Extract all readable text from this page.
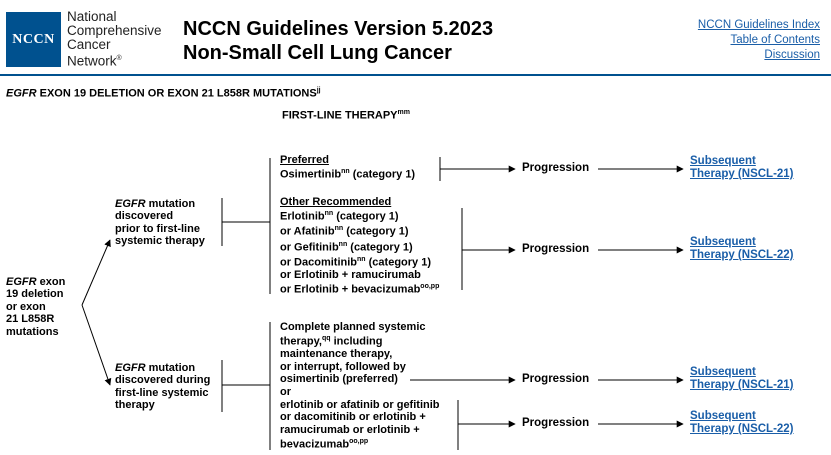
NCCN
National
Comprehensive
Cancer
Network®
NCCN Guidelines Version 5.2023
Non-Small Cell Lung Cancer
NCCN Guidelines Index
Table of Contents
Discussion
EGFR EXON 19 DELETION OR EXON 21 L858R $MUTATIONS^{jj}$
FIRST-LINE $THERAPY^{mm}$
EGFR exon
19 deletion
or exon
21 L858R
mutations
EGFR mutation
discovered
prior to first-line
systemic therapy
EGFR mutation
discovered during
first-line systemic
therapy
Preferred
Osimertinib$^{nn}$ (category 1)
Other Recommended
Erlotinib$^{nn}$ (category 1)
or Afatinib$^{nn}$ (category 1)
or Gefitinib$^{nn}$ (category 1)
or Dacomitinib$^{nn}$ (category 1)
or Erlotinib + ramucirumab
or Erlotinib + bevacizumab$^{oo,pp}$
Complete planned systemic
therapy,$^{qq}$ including
maintenance therapy,
or interrupt, followed by
osimertinib (preferred)
or
erlotinib or afatinib or gefitinib
or dacomitinib or erlotinib +
ramucirumab or erlotinib +
bevacizumab$^{oo,pp}$
Progression
Progression
Progression
Progression
Subsequent
Therapy (NSCL-21)
Subsequent
Therapy (NSCL-22)
Subsequent
Therapy (NSCL-21)
Subsequent
Therapy (NSCL-22)
